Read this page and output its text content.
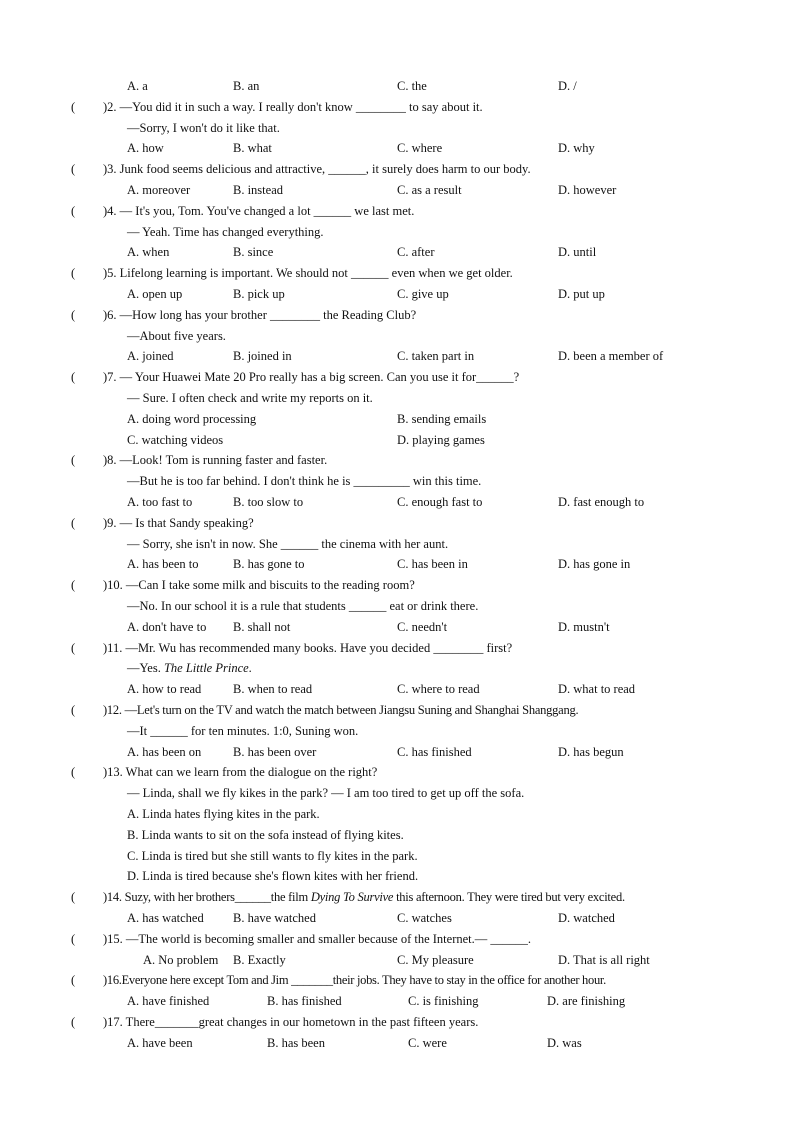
A. a	B. an	C. the	D. /
( )2. —You did it in such a way. I really don't know ________ to say about it.
—Sorry, I won't do it like that.
A. how	B. what	C. where	D. why
( )3. Junk food seems delicious and attractive, ______, it surely does harm to our body.
A. moreover	B. instead	C. as a result	D. however
( )4. — It's you, Tom. You've changed a lot ______ we last met.
— Yeah. Time has changed everything.
A. when	B. since	C. after	D. until
( )5. Lifelong learning is important. We should not ______ even when we get older.
A. open up	B. pick up	C. give up	D. put up
( )6. —How long has your brother ________ the Reading Club?
—About five years.
A. joined	B. joined in	C. taken part in	D. been a member of
( )7. — Your Huawei Mate 20 Pro really has a big screen. Can you use it for______?
— Sure. I often check and write my reports on it.
A. doing word processing	B. sending emails
C. watching videos	D. playing games
( )8. —Look! Tom is running faster and faster.
—But he is too far behind. I don't think he is _________ win this time.
A. too fast to	B. too slow to	C. enough fast to	D. fast enough to
( )9. — Is that Sandy speaking?
— Sorry, she isn't in now. She ______ the cinema with her aunt.
A. has been to	B. has gone to	C. has been in	D. has gone in
( )10. —Can I take some milk and biscuits to the reading room?
—No. In our school it is a rule that students ______ eat or drink there.
A. don't have to B. shall not	C. needn't	D. mustn't
( )11. —Mr. Wu has recommended many books. Have you decided ________ first?
—Yes. The Little Prince.
A. how to read	B. when to read	C. where to read	D. what to read
( )12. —Let's turn on the TV and watch the match between Jiangsu Suning and Shanghai Shanggang.
—It ______ for ten minutes. 1:0, Suning won.
A. has been on	B. has been over	C. has finished	D. has begun
( )13. What can we learn from the dialogue on the right?
— Linda, shall we fly kikes in the park? — I am too tired to get up off the sofa.
A. Linda hates flying kites in the park.
B. Linda wants to sit on the sofa instead of flying kites.
C. Linda is tired but she still wants to fly kites in the park.
D. Linda is tired because she's flown kites with her friend.
( )14. Suzy, with her brothers______the film Dying To Survive this afternoon. They were tired but very excited.
A. has watched B. have watched	C. watches	D. watched
( )15. —The world is becoming smaller and smaller because of the Internet.— ______.
A. No problem B. Exactly	C. My pleasure	D. That is all right
( )16.Everyone here except Tom and Jim _______their jobs. They have to stay in the office for another hour.
A. have finished	B. has finished	C. is finishing	D. are finishing
( )17. There_______great changes in our hometown in the past fifteen years.
A. have been	B. has been	C. were	D. was
